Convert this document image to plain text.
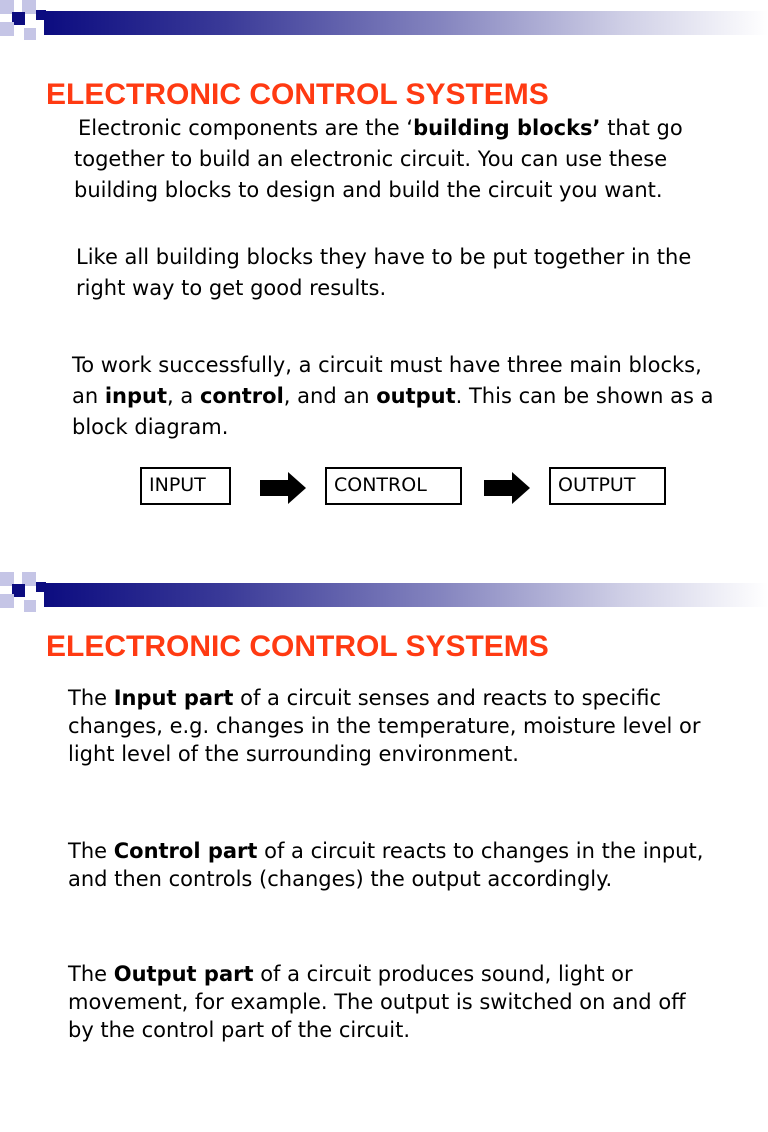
ELECTRONIC CONTROL SYSTEMS

Electronic components are the ‘building blocks’ that go together to build an electronic circuit. You can use these building blocks to design and build the circuit you want.

Like all building blocks they have to be put together in the right way to get good results.

To work successfully, a circuit must have three main blocks, an input, a control, and an output. This can be shown as a block diagram.

INPUT	CONTROL	OUTPUT
ELECTRONIC CONTROL SYSTEMS

The Input part of a circuit senses and reacts to specific changes, e.g. changes in the temperature, moisture level or light level of the surrounding environment.

The Control part of a circuit reacts to changes in the input, and then controls (changes) the output accordingly.

The Output part of a circuit produces sound, light or movement, for example. The output is switched on and off by the control part of the circuit.
